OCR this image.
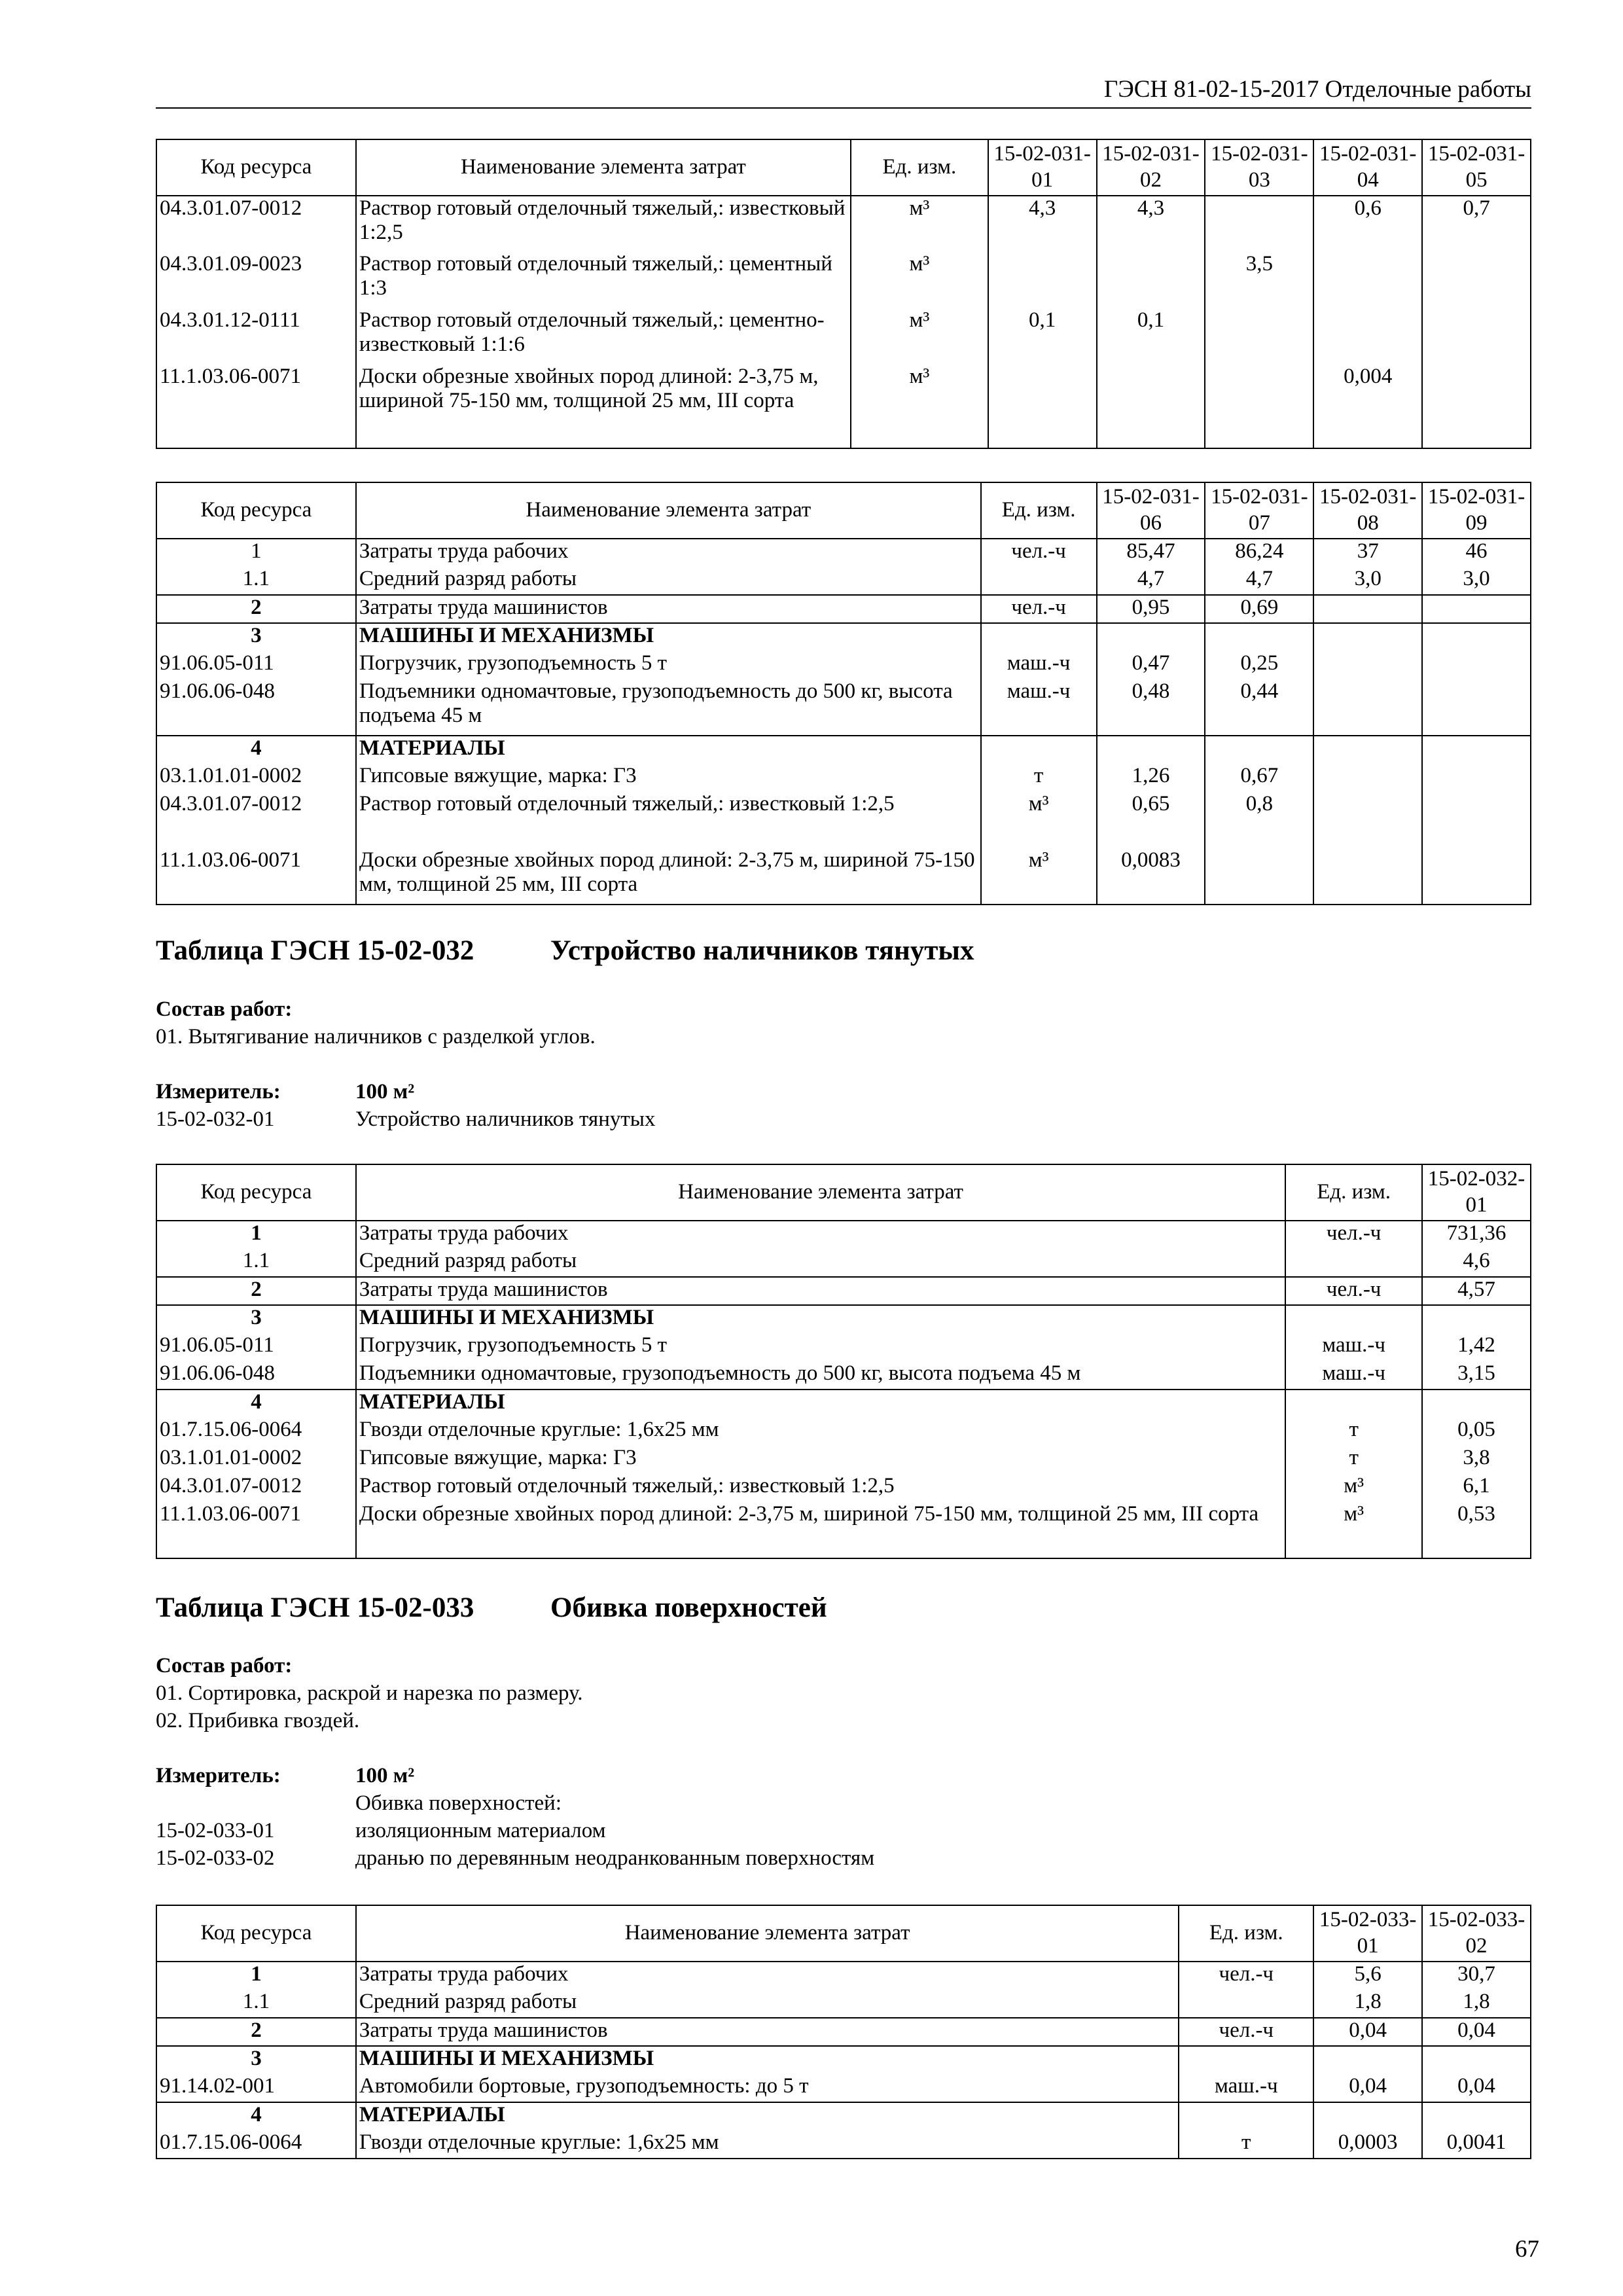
ГЭСН 81-02-15-2017 Отделочные работы
Код ресурса	Наименование элемента затрат	Ед. изм.	15-02-031-01	15-02-031-02	15-02-031-03	15-02-031-04	15-02-031-05
04.3.01.07-0012	Раствор готовый отделочный тяжелый,: известковый 1:2,5	м³	4,3	4,3		0,6	0,7
04.3.01.09-0023	Раствор готовый отделочный тяжелый,: цементный 1:3	м³			3,5		
04.3.01.12-0111	Раствор готовый отделочный тяжелый,: цементно-известковый 1:1:6	м³	0,1	0,1			
11.1.03.06-0071	Доски обрезные хвойных пород длиной: 2-3,75 м, шириной 75-150 мм, толщиной 25 мм, III сорта	м³				0,004	
Код ресурса	Наименование элемента затрат	Ед. изм.	15-02-031-06	15-02-031-07	15-02-031-08	15-02-031-09
1	Затраты труда рабочих	чел.-ч	85,47	86,24	37	46
1.1	Средний разряд работы		4,7	4,7	3,0	3,0
2	Затраты труда машинистов	чел.-ч	0,95	0,69		
3	МАШИНЫ И МЕХАНИЗМЫ					
91.06.05-011	Погрузчик, грузоподъемность 5 т	маш.-ч	0,47	0,25		
91.06.06-048	Подъемники одномачтовые, грузоподъемность до 500 кг, высота подъема 45 м	маш.-ч	0,48	0,44		
4	МАТЕРИАЛЫ					
03.1.01.01-0002	Гипсовые вяжущие, марка: Г3	т	1,26	0,67		
04.3.01.07-0012	Раствор готовый отделочный тяжелый,: известковый 1:2,5	м³	0,65	0,8		
11.1.03.06-0071	Доски обрезные хвойных пород длиной: 2-3,75 м, шириной 75-150 мм, толщиной 25 мм, III сорта	м³	0,0083			
Таблица ГЭСН 15-02-032	Устройство наличников тянутых
Состав работ:
01. Вытягивание наличников с разделкой углов.
Измеритель:	100 м²
15-02-032-01	Устройство наличников тянутых
Код ресурса	Наименование элемента затрат	Ед. изм.	15-02-032-01
1	Затраты труда рабочих	чел.-ч	731,36
1.1	Средний разряд работы		4,6
2	Затраты труда машинистов	чел.-ч	4,57
3	МАШИНЫ И МЕХАНИЗМЫ		
91.06.05-011	Погрузчик, грузоподъемность 5 т	маш.-ч	1,42
91.06.06-048	Подъемники одномачтовые, грузоподъемность до 500 кг, высота подъема 45 м	маш.-ч	3,15
4	МАТЕРИАЛЫ		
01.7.15.06-0064	Гвозди отделочные круглые: 1,6х25 мм	т	0,05
03.1.01.01-0002	Гипсовые вяжущие, марка: Г3	т	3,8
04.3.01.07-0012	Раствор готовый отделочный тяжелый,: известковый 1:2,5	м³	6,1
11.1.03.06-0071	Доски обрезные хвойных пород длиной: 2-3,75 м, шириной 75-150 мм, толщиной 25 мм, III сорта	м³	0,53
Таблица ГЭСН 15-02-033	Обивка поверхностей
Состав работ:
01. Сортировка, раскрой и нарезка по размеру.
02. Прибивка гвоздей.
Измеритель:	100 м²
Обивка поверхностей:
15-02-033-01	изоляционным материалом
15-02-033-02	дранью по деревянным неодранкованным поверхностям
Код ресурса	Наименование элемента затрат	Ед. изм.	15-02-033-01	15-02-033-02
1	Затраты труда рабочих	чел.-ч	5,6	30,7
1.1	Средний разряд работы		1,8	1,8
2	Затраты труда машинистов	чел.-ч	0,04	0,04
3	МАШИНЫ И МЕХАНИЗМЫ			
91.14.02-001	Автомобили бортовые, грузоподъемность: до 5 т	маш.-ч	0,04	0,04
4	МАТЕРИАЛЫ			
01.7.15.06-0064	Гвозди отделочные круглые: 1,6х25 мм	т	0,0003	0,0041
67
